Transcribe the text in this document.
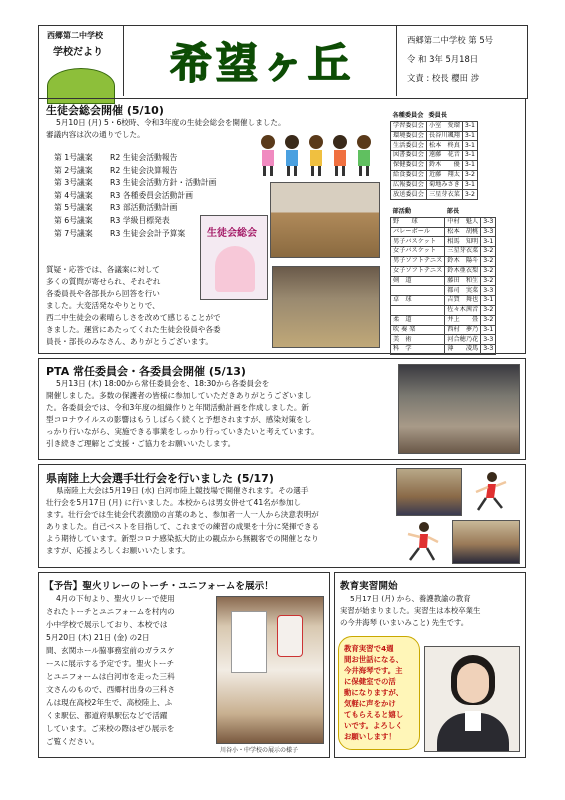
西郷第二中学校
学校だより 希望ヶ丘	西郷第二中学校 第 5号
令 和 3年 5月18日
文責 : 校長 櫻田 涉
生徒会総会開催 (5/10)
5月10日 (月) 5・6校時、令和3年度の生徒会総会を開催しました。
審議内容は次の通りでした。
第 1号議案	R2 生徒会活動報告
第 2号議案	R2 生徒会決算報告
第 3号議案	R3 生徒会活動方針・活動計画
第 4号議案	R3 各種委員会活動計画
第 5号議案	R3 部活動活動計画
第 6号議案	R3 学級目標発表
第 7号議案	R3 生徒会会計予算案
質疑・応答では、各議案に対して
多くの質問が寄せられ、それぞれ
各委員長や各部長から回答を行い
ました。大変活発なやりとりで、
西二中生徒会の素晴らしさを改めて感じることがで
きました。運営にあたってくれた生徒会役員や各委
員長・部長のみなさん、ありがとうございます。
生徒会総会
各種委員会	委員長	
学習委員会	小室　愛瑠	3-1
環境委員会	長谷川颯翔	3-1
生活委員会	松本　柊真	3-1
図書委員会	遠藤　花音	3-1
保健委員会	鈴木　　優	3-1
給食委員会	近藤　翔太	3-2
広報委員会	菊地みさき	3-1
放送委員会	三星芽衣菜	3-2
部活動	部長	
野　　球	中村　魁人	3-3
バレーボール	松本　胡桃	3-3
男子バスケット	相馬　知明	3-1
女子バスケット	三星芽衣菜	3-2
男子ソフトテニス	鈴木　陽斗	3-2
女子ソフトテニス	鈴木亜衣梨	3-2
剣　道	藤田　和生	3-2
	都司　実菜	3-3
卓　球	吉賀　舞也	3-1
	佐々木茜音	3-2
柔　道	井上　　畳	3-2
吹 奏 楽	西村　夢乃	3-1
美　術	河合穂乃花	3-3
科　学	薄　　凌馬	3-3
PTA 常任委員会・各委員会開催 (5/13)
5月13日 (木) 18:00から常任委員会を、18:30から各委員会を
開催しました。多数の保護者の皆様に参加していただきありがとうございまし
た。各委員会では、令和3年度の組織作りと年間活動計画を作成しました。新
型コロナウイルスの影響はもうしばらく続くと予想されますが、感染対策をし
っかり行いながら、実施できる事業をしっかり行っていきたいと考えています。
引き続きご理解とご支援・ご協力をお願いいたします。
県南陸上大会選手壮行会を行いました (5/17)
県南陸上大会は5月19日 (水) 白河市陸上競技場で開催されます。その選手
壮行会を5月17日 (月) に行いました。本校からは男女併せて41名が参加し
ます。壮行会では生徒会代表激励の言葉のあと、参加者一人一人から決意表明が
ありました。自己ベストを目指して、これまでの練習の成果を十分に発揮できる
よう期待しています。新型コロナ感染拡大防止の観点から無観客での開催となり
ますが、応援よろしくお願いいたします。
【予告】聖火リレーのトーチ・ユニフォームを展示！
4月の下旬より、聖火リレーで使用
されたトーチとユニフォームを村内の
小中学校で展示しており、本校では
5月20日 (木) 21日 (金) の2日
間、玄関ホール脇事務室前のガラスケ
ースに展示する予定です。聖火トーチ
とユニフォームは白河市を走った三科
文さんのもので、西郷村出身の三科さ
んは現在高校2年生で、高校陸上、ふ
くま駅伝、都道府県駅伝などで活躍
しています。ご来校の際はぜひ展示を
ご覧ください。
川谷小・中学校の展示の様子
教育実習開始
5月17日 (月) から、養護教諭の教育
実習が始まりました。実習生は本校卒業生
の今井海琴 (いまいみこと) 先生です。
教育実習で4週
間お世話になる、
今井海琴です。主
に保健室での活
動になりますが、
気軽に声をかけ
てもらえると嬉し
いです。よろしく
お願いします！
